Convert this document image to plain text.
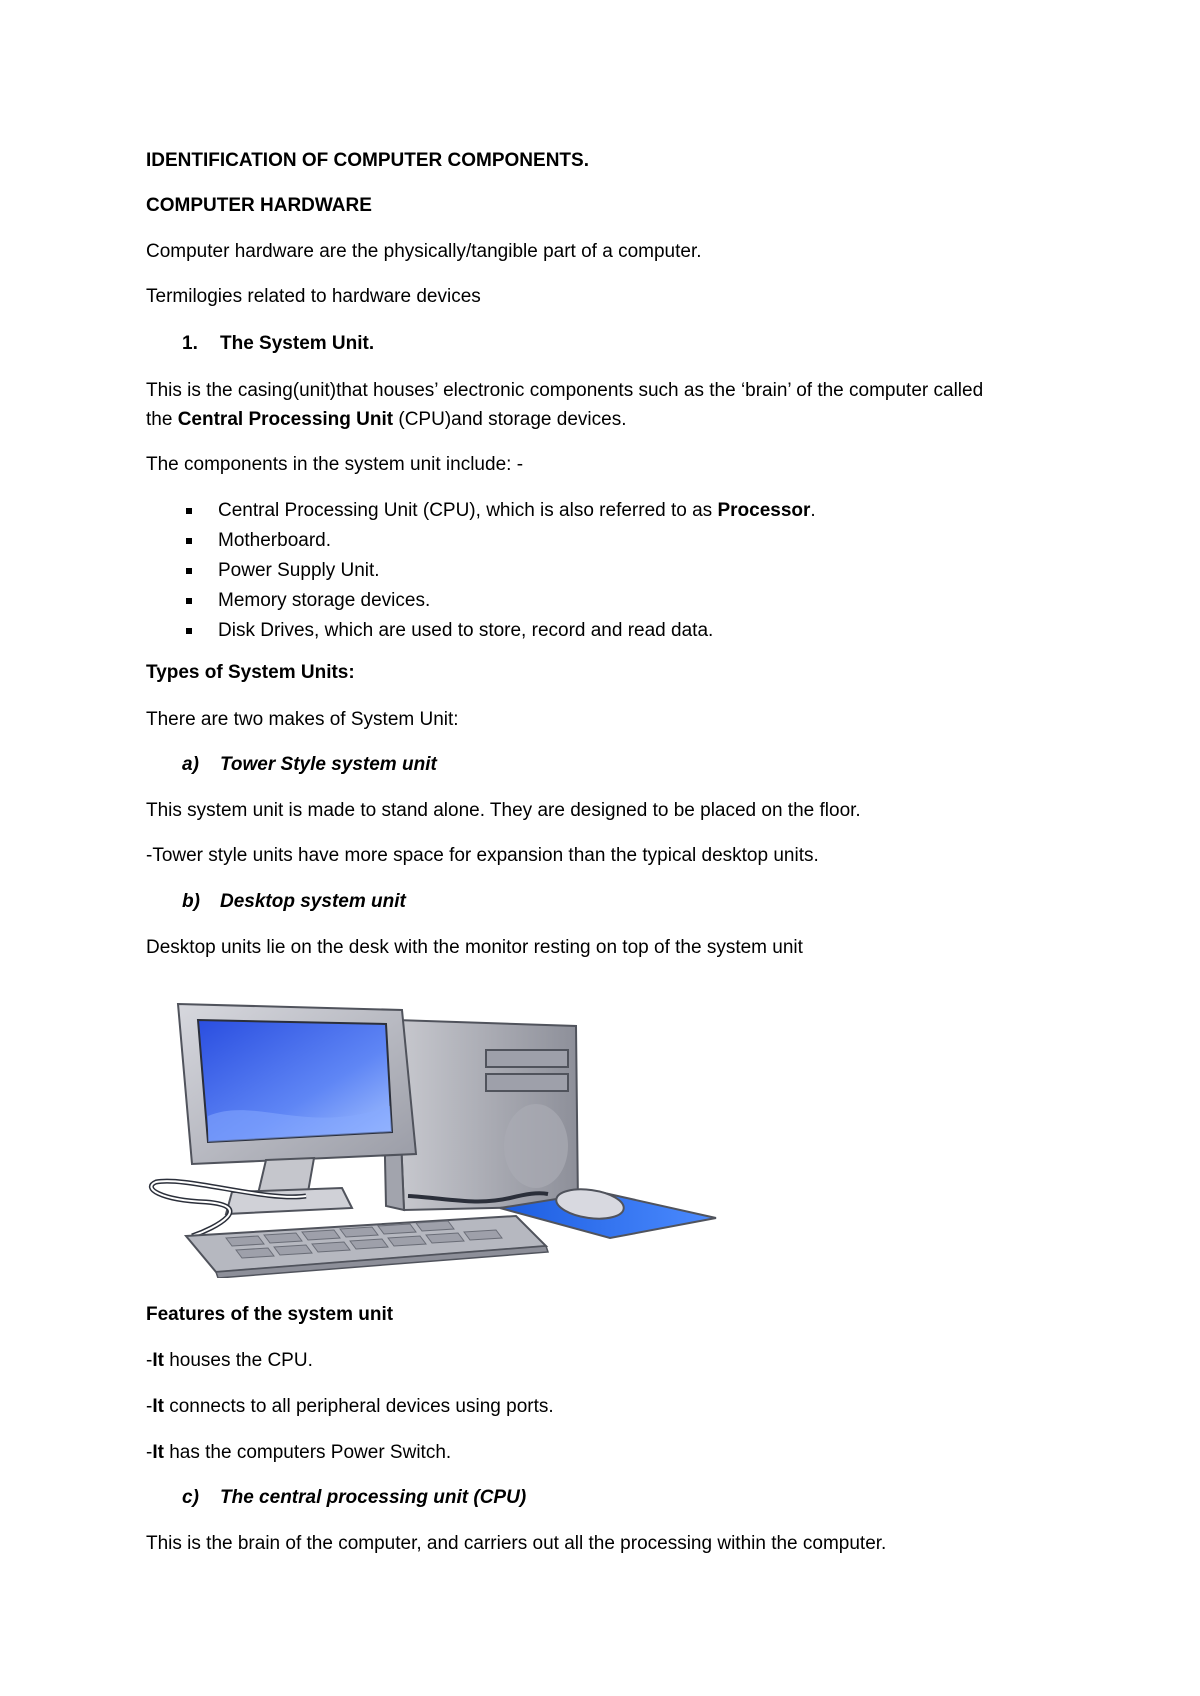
IDENTIFICATION OF COMPUTER COMPONENTS.

COMPUTER HARDWARE

Computer hardware are the physically/tangible part of a computer.

Termilogies related to hardware devices

1. The System Unit.

This is the casing(unit)that houses’ electronic components such as the ‘brain’ of the computer called

the Central Processing Unit (CPU)and storage devices.

The components in the system unit include: -

Central Processing Unit (CPU), which is also referred to as Processor.
Motherboard.
Power Supply Unit.
Memory storage devices.
Disk Drives, which are used to store, record and read data.

Types of System Units:

There are two makes of System Unit:

a) Tower Style system unit

This system unit is made to stand alone. They are designed to be placed on the floor.

-Tower style units have more space for expansion than the typical desktop units.

b) Desktop system unit

Desktop units lie on the desk with the monitor resting on top of the system unit

Features of the system unit

-It houses the CPU.

-It connects to all peripheral devices using ports.

-It has the computers Power Switch.

c) The central processing unit (CPU)

This is the brain of the computer, and carriers out all the processing within the computer.
